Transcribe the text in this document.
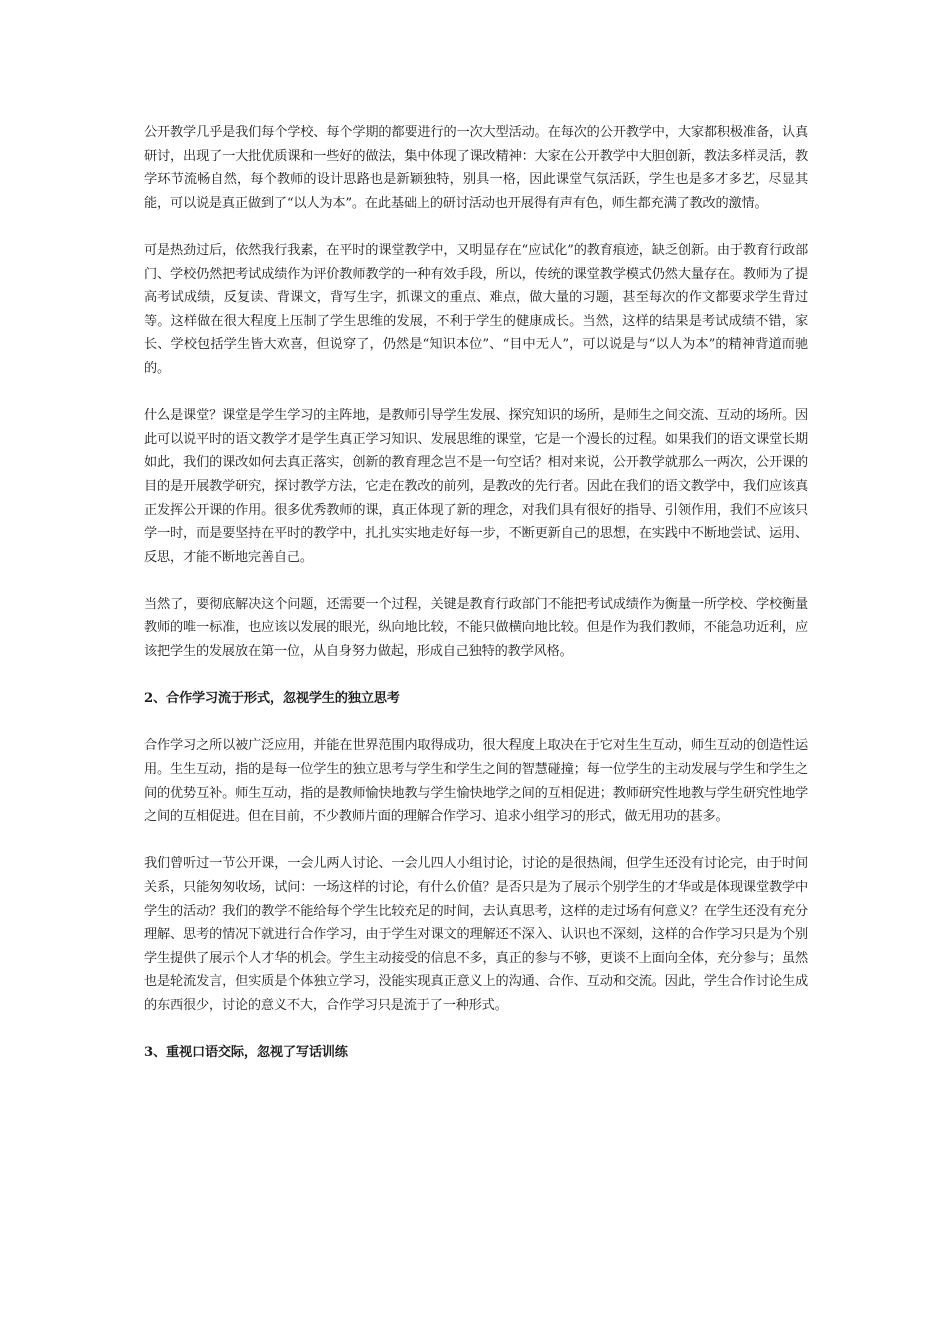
公开教学几乎是我们每个学校、每个学期的都要进行的一次大型活动。在每次的公开教学中，大家都积极准备，认真研讨，出现了一大批优质课和一些好的做法，集中体现了课改精神：大家在公开教学中大胆创新，教法多样灵活，教学环节流畅自然，每个教师的设计思路也是新颖独特，别具一格，因此课堂气氛活跃，学生也是多才多艺，尽显其能，可以说是真正做到了“以人为本”。在此基础上的研讨活动也开展得有声有色，师生都充满了教改的激情。

可是热劲过后，依然我行我素，在平时的课堂教学中，又明显存在“应试化”的教育痕迹，缺乏创新。由于教育行政部门、学校仍然把考试成绩作为评价教师教学的一种有效手段，所以，传统的课堂教学模式仍然大量存在。教师为了提高考试成绩，反复读、背课文，背写生字，抓课文的重点、难点，做大量的习题，甚至每次的作文都要求学生背过等。这样做在很大程度上压制了学生思维的发展，不利于学生的健康成长。当然，这样的结果是考试成绩不错，家长、学校包括学生皆大欢喜，但说穿了，仍然是“知识本位”、“目中无人”，可以说是与“以人为本”的精神背道而驰的。

什么是课堂？课堂是学生学习的主阵地，是教师引导学生发展、探究知识的场所，是师生之间交流、互动的场所。因此可以说平时的语文教学才是学生真正学习知识、发展思维的课堂，它是一个漫长的过程。如果我们的语文课堂长期如此，我们的课改如何去真正落实，创新的教育理念岂不是一句空话？相对来说，公开教学就那么一两次，公开课的目的是开展教学研究，探讨教学方法，它走在教改的前列，是教改的先行者。因此在我们的语文教学中，我们应该真正发挥公开课的作用。很多优秀教师的课，真正体现了新的理念，对我们具有很好的指导、引领作用，我们不应该只学一时，而是要坚持在平时的教学中，扎扎实实地走好每一步，不断更新自己的思想，在实践中不断地尝试、运用、反思，才能不断地完善自己。

当然了，要彻底解决这个问题，还需要一个过程，关键是教育行政部门不能把考试成绩作为衡量一所学校、学校衡量教师的唯一标准，也应该以发展的眼光，纵向地比较，不能只做横向地比较。但是作为我们教师，不能急功近利，应该把学生的发展放在第一位，从自身努力做起，形成自己独特的教学风格。

2、合作学习流于形式，忽视学生的独立思考

合作学习之所以被广泛应用，并能在世界范围内取得成功，很大程度上取决在于它对生生互动，师生互动的创造性运用。生生互动，指的是每一位学生的独立思考与学生和学生之间的智慧碰撞；每一位学生的主动发展与学生和学生之间的优势互补。师生互动，指的是教师愉快地教与学生愉快地学之间的互相促进；教师研究性地教与学生研究性地学之间的互相促进。但在目前，不少教师片面的理解合作学习、追求小组学习的形式，做无用功的甚多。

我们曾听过一节公开课，一会儿两人讨论、一会儿四人小组讨论，讨论的是很热闹，但学生还没有讨论完，由于时间关系，只能匆匆收场，试问：一场这样的讨论，有什么价值？是否只是为了展示个别学生的才华或是体现课堂教学中学生的活动？我们的教学不能给每个学生比较充足的时间，去认真思考，这样的走过场有何意义？在学生还没有充分理解、思考的情况下就进行合作学习，由于学生对课文的理解还不深入、认识也不深刻，这样的合作学习只是为个别学生提供了展示个人才华的机会。学生主动接受的信息不多，真正的参与不够，更谈不上面向全体，充分参与；虽然也是轮流发言，但实质是个体独立学习，没能实现真正意义上的沟通、合作、互动和交流。因此，学生合作讨论生成的东西很少，讨论的意义不大，合作学习只是流于了一种形式。

3、重视口语交际，忽视了写话训练
